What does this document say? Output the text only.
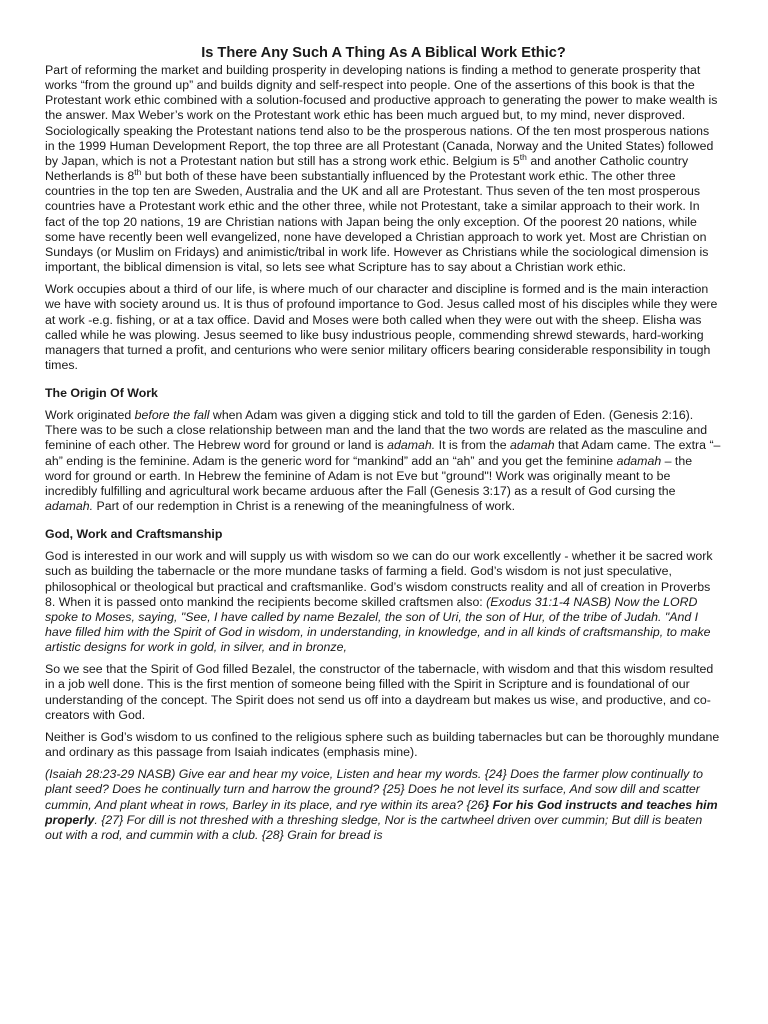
Is There Any Such A Thing As A Biblical Work Ethic?

Part of reforming the market and building prosperity in developing nations is finding a method to generate prosperity that works “from the ground up” and builds dignity and self-respect into people. One of the assertions of this book is that the Protestant work ethic combined with a solution-focused and productive approach to generating the power to make wealth is the answer. Max Weber’s work on the Protestant work ethic has been much argued but, to my mind, never disproved. Sociologically speaking the Protestant nations tend also to be the prosperous nations. Of the ten most prosperous nations in the 1999 Human Development Report, the top three are all Protestant (Canada, Norway and the United States) followed by Japan, which is not a Protestant nation but still has a strong work ethic. Belgium is 5th and another Catholic country Netherlands is 8th but both of these have been substantially influenced by the Protestant work ethic. The other three countries in the top ten are Sweden, Australia and the UK and all are Protestant. Thus seven of the ten most prosperous countries have a Protestant work ethic and the other three, while not Protestant, take a similar approach to their work. In fact of the top 20 nations, 19 are Christian nations with Japan being the only exception. Of the poorest 20 nations, while some have recently been well evangelized, none have developed a Christian approach to work yet. Most are Christian on Sundays (or Muslim on Fridays) and animistic/tribal in work life. However as Christians while the sociological dimension is important, the biblical dimension is vital, so lets see what Scripture has to say about a Christian work ethic.

Work occupies about a third of our life, is where much of our character and discipline is formed and is the main interaction we have with society around us. It is thus of profound importance to God. Jesus called most of his disciples while they were at work -e.g. fishing, or at a tax office. David and Moses were both called when they were out with the sheep. Elisha was called while he was plowing. Jesus seemed to like busy industrious people, commending shrewd stewards, hard-working managers that turned a profit, and centurions who were senior military officers bearing considerable responsibility in tough times.

The Origin Of Work

Work originated before the fall when Adam was given a digging stick and told to till the garden of Eden. (Genesis 2:16). There was to be such a close relationship between man and the land that the two words are related as the masculine and feminine of each other. The Hebrew word for ground or land is adamah. It is from the adamah that Adam came. The extra “–ah” ending is the feminine. Adam is the generic word for “mankind” add an “ah” and you get the feminine adamah – the word for ground or earth. In Hebrew the feminine of Adam is not Eve but "ground"! Work was originally meant to be incredibly fulfilling and agricultural work became arduous after the Fall (Genesis 3:17) as a result of God cursing the adamah. Part of our redemption in Christ is a renewing of the meaningfulness of work.

God, Work and Craftsmanship

God is interested in our work and will supply us with wisdom so we can do our work excellently - whether it be sacred work such as building the tabernacle or the more mundane tasks of farming a field. God’s wisdom is not just speculative, philosophical or theological but practical and craftsmanlike. God’s wisdom constructs reality and all of creation in Proverbs 8. When it is passed onto mankind the recipients become skilled craftsmen also: (Exodus 31:1-4 NASB) Now the LORD spoke to Moses, saying, "See, I have called by name Bezalel, the son of Uri, the son of Hur, of the tribe of Judah. "And I have filled him with the Spirit of God in wisdom, in understanding, in knowledge, and in all kinds of craftsmanship, to make artistic designs for work in gold, in silver, and in bronze,

So we see that the Spirit of God filled Bezalel, the constructor of the tabernacle, with wisdom and that this wisdom resulted in a job well done. This is the first mention of someone being filled with the Spirit in Scripture and is foundational of our understanding of the concept. The Spirit does not send us off into a daydream but makes us wise, and productive, and co-creators with God.

Neither is God’s wisdom to us confined to the religious sphere such as building tabernacles but can be thoroughly mundane and ordinary as this passage from Isaiah indicates (emphasis mine).

(Isaiah 28:23-29 NASB) Give ear and hear my voice, Listen and hear my words. {24} Does the farmer plow continually to plant seed? Does he continually turn and harrow the ground? {25} Does he not level its surface, And sow dill and scatter cummin, And plant wheat in rows, Barley in its place, and rye within its area? {26} For his God instructs and teaches him properly. {27} For dill is not threshed with a threshing sledge, Nor is the cartwheel driven over cummin; But dill is beaten out with a rod, and cummin with a club. {28} Grain for bread is
